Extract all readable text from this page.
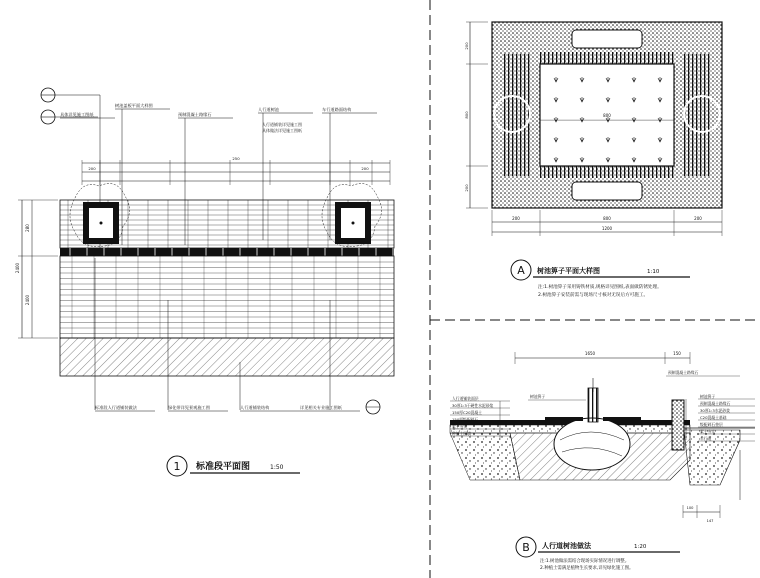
具体详见施工图纸
树池盖板平面大样图
预制混凝土路缘石
人行道树池	车行道路面结构
人行道铺装详见施工图
具体做法详见施工图纸
200	200
250
2400
280
2400
标准段人行道铺装做法	绿化带详见景观施工图	人行道铺装结构	详见相关专业施工图纸
1 标准段平面图	1:50
800
200
800
200
200	800	200
1200
A 树池箅子平面大样图	1:10
注:1.树池箅子采用铸铁材质,规格详见图纸,表面做防锈处理。
2.树池箅子安装前需与现场尺寸核对无误后方可施工。
1650	150
人行道铺装面层
30厚1:3干硬性水泥砂浆
150厚C20混凝土
150厚级配碎石
素土夯实
种植土回填
树池箅子
预制混凝土路缘石
30厚1:3水泥砂浆
C20混凝土基础
级配碎石垫层
素土夯实
车行道
树池箅子
预制混凝土路缘石
100
147
B 人行道树池做法	1:20
注:1.树池做法需结合现场实际情况进行调整。
2.种植土需满足植物生长要求,详见绿化施工图。
